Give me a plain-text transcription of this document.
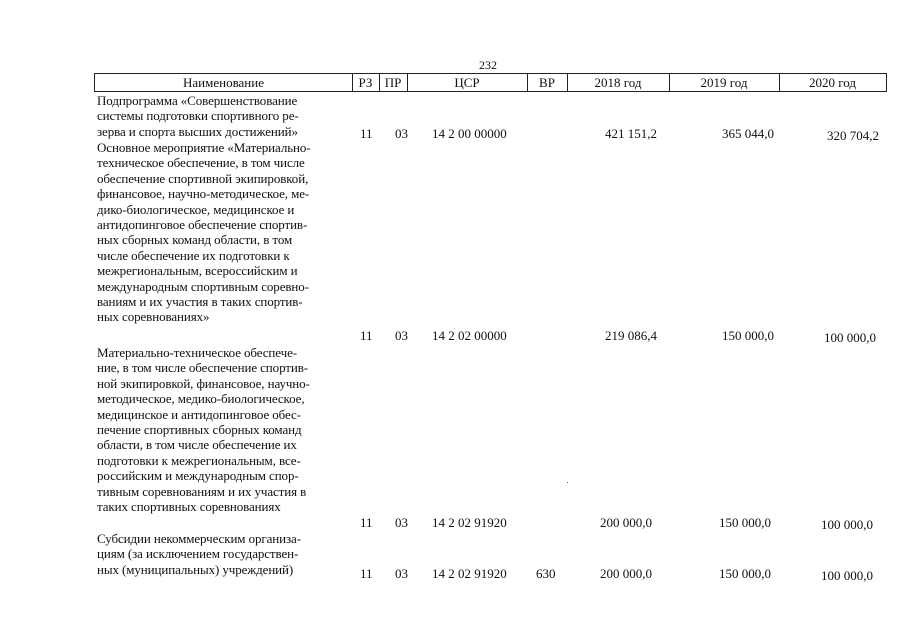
232
Наименование	РЗ ПР	ЦСР	ВР	2018 год	2019 год	2020 год
Подпрограмма «Совершенствование
системы подготовки спортивного ре-
зерва и спорта высших достижений»	11 03 14 2 00 00000	421 151,2	365 044,0	320 704,2
Основное мероприятие «Материально-
техническое обеспечение, в том числе
обеспечение спортивной экипировкой,
финансовое, научно-методическое, ме-
дико-биологическое, медицинское и
антидопинговое обеспечение спортив-
ных сборных команд области, в том
числе обеспечение их подготовки к
межрегиональным, всероссийским и
международным спортивным соревно-
ваниям и их участия в таких спортив-
ных соревнованиях»
11 03 14 2 02 00000	219 086,4	150 000,0	100 000,0
Материально-техническое обеспече-
ние, в том числе обеспечение спортив-
ной экипировкой, финансовое, научно-
методическое, медико-биологическое,
медицинское и антидопинговое обес-
печение спортивных сборных команд
области, в том числе обеспечение их
подготовки к межрегиональным, все-
российским и международным спор-
тивным соревнованиям и их участия в
таких спортивных соревнованиях
11 03 14 2 02 91920	200 000,0	150 000,0	100 000,0
Субсидии некоммерческим организа-
циям (за исключением государствен-
ных (муниципальных) учреждений)	11 03 14 2 02 91920 630	200 000,0	150 000,0	100 000,0
